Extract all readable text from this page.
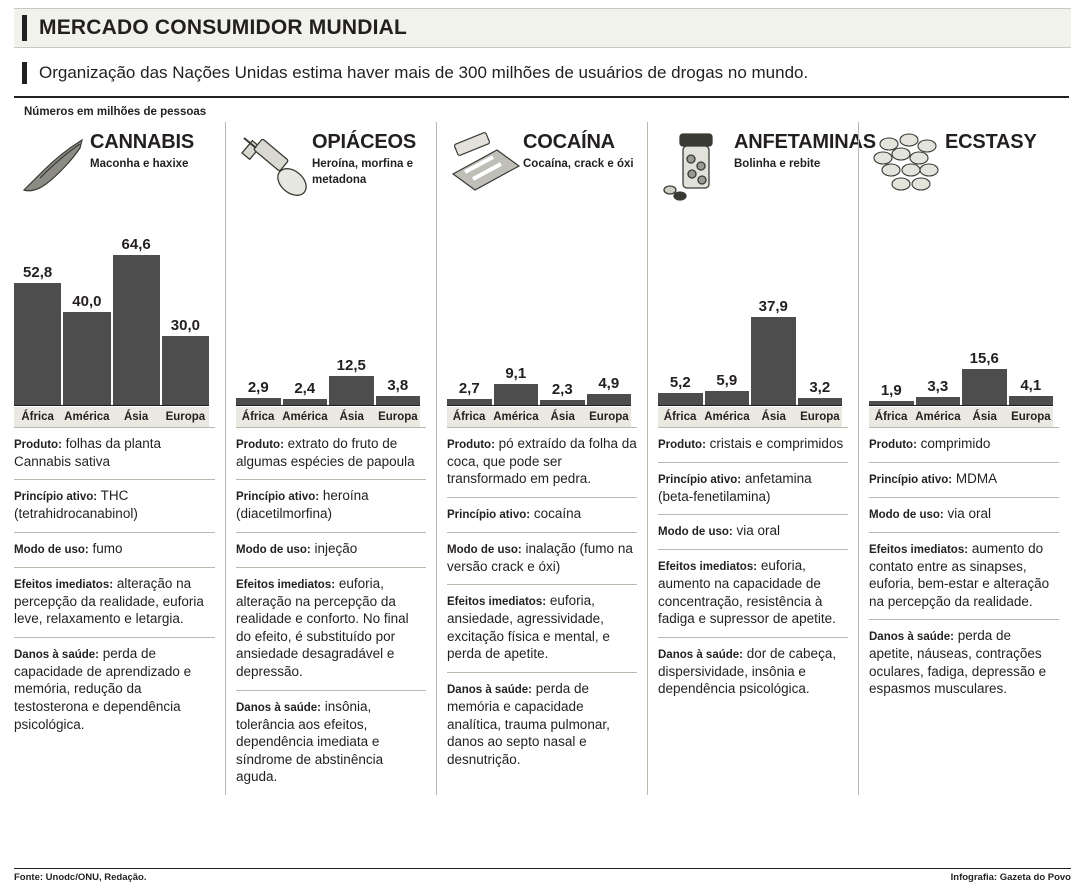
MERCADO CONSUMIDOR MUNDIAL
Organização das Nações Unidas estima haver mais de 300 milhões de usuários de drogas no mundo.
Números em milhões de pessoas
CANNABIS
Maconha e haxixe
52,8
40,0
64,6
30,0
África América	Ásia	Europa
Produto: folhas da planta Cannabis sativa
Princípio ativo: THC (tetrahidrocanabinol)
Modo de uso: fumo
Efeitos imediatos: alteração na percepção da realidade, euforia leve, relaxamento e letargia.
Danos à saúde: perda de capacidade de aprendizado e memória, redução da testosterona e dependência psicológica.
OPIÁCEOS
Heroína, morfina e metadona
2,9 2,4
12,5
3,8
África América	Ásia	Europa
Produto: extrato do fruto de algumas espécies de papoula
Princípio ativo: heroína (diacetilmorfina)
Modo de uso: injeção
Efeitos imediatos: euforia, alteração na percepção da realidade e conforto. No final do efeito, é substituído por ansiedade desagradável e depressão.
Danos à saúde: insônia, tolerância aos efeitos, dependência imediata e síndrome de abstinência aguda.
COCAÍNA
Cocaína, crack e óxi
2,7
9,1
2,3 4,9
África América	Ásia	Europa
Produto: pó extraído da folha da coca, que pode ser transformado em pedra.
Princípio ativo: cocaína
Modo de uso: inalação (fumo na versão crack e óxi)
Efeitos imediatos: euforia, ansiedade, agressividade, excitação física e mental, e perda de apetite.
Danos à saúde: perda de memória e capacidade analítica, trauma pulmonar, danos ao septo nasal e desnutrição.
ANFETAMINAS
Bolinha e rebite
5,2 5,9
37,9
3,2
África América	Ásia	Europa
Produto: cristais e comprimidos
Princípio ativo: anfetamina (beta-fenetilamina)
Modo de uso: via oral
Efeitos imediatos: euforia, aumento na capacidade de concentração, resistência à fadiga e supressor de apetite.
Danos à saúde: dor de cabeça, dispersividade, insônia e dependência psicológica.
ECSTASY
1,9 3,3
15,6
4,1
África América	Ásia	Europa
Produto: comprimido
Princípio ativo: MDMA
Modo de uso: via oral
Efeitos imediatos: aumento do contato entre as sinapses, euforia, bem-estar e alteração na percepção da realidade.
Danos à saúde: perda de apetite, náuseas, contrações oculares, fadiga, depressão e espasmos musculares.
Fonte: Unodc/ONU, Redação.	Infografia: Gazeta do Povo
